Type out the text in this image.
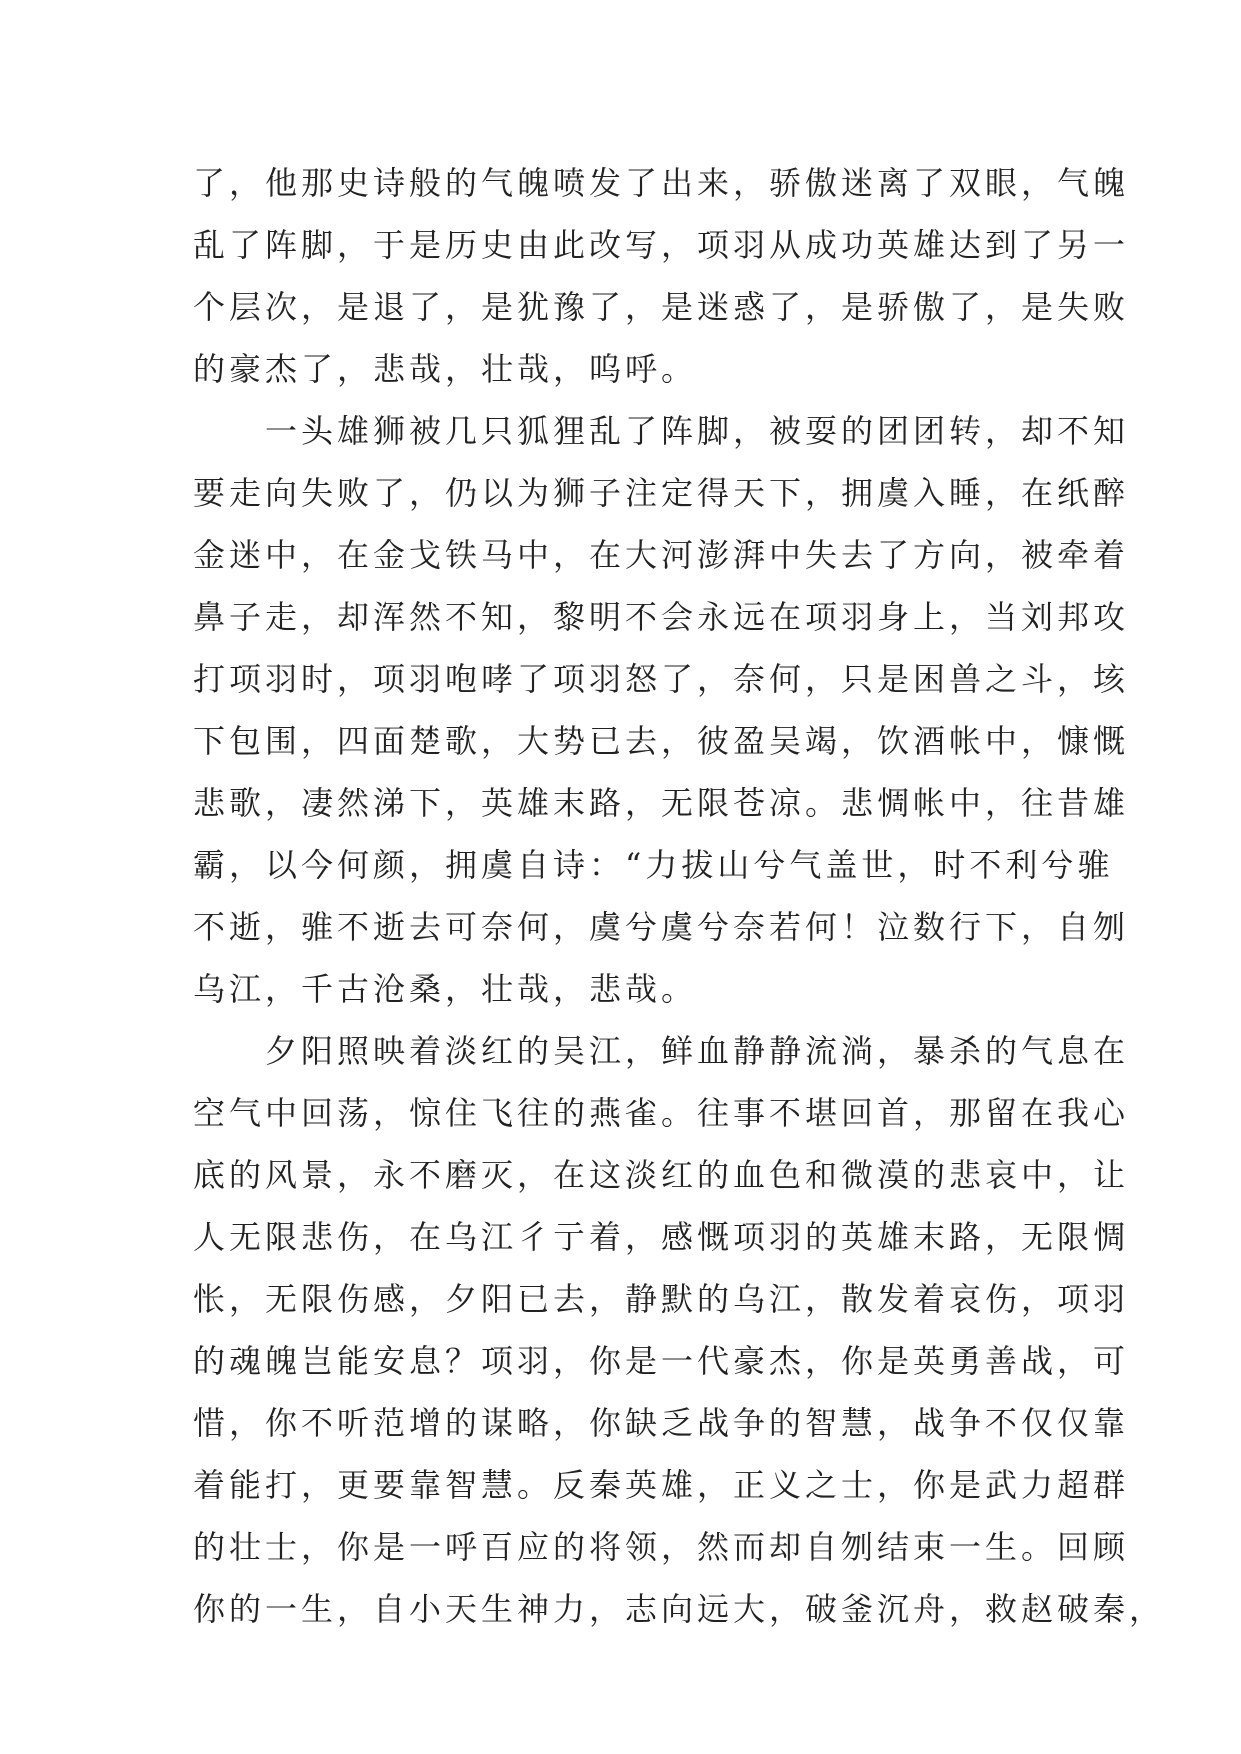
了，他那史诗般的气魄喷发了出来，骄傲迷离了双眼，气魄
乱了阵脚，于是历史由此改写，项羽从成功英雄达到了另一
个层次，是退了，是犹豫了，是迷惑了，是骄傲了，是失败
的豪杰了，悲哉，壮哉，呜呼。

　　一头雄狮被几只狐狸乱了阵脚，被耍的团团转，却不知
要走向失败了，仍以为狮子注定得天下，拥虞入睡，在纸醉
金迷中，在金戈铁马中，在大河澎湃中失去了方向，被牵着
鼻子走，却浑然不知，黎明不会永远在项羽身上，当刘邦攻
打项羽时，项羽咆哮了项羽怒了，奈何，只是困兽之斗，垓
下包围，四面楚歌，大势已去，彼盈吴竭，饮酒帐中，慷慨
悲歌，凄然涕下，英雄末路，无限苍凉。悲惆帐中，往昔雄
霸，以今何颜，拥虞自诗：“力拔山兮气盖世，时不利兮骓
不逝，骓不逝去可奈何，虞兮虞兮奈若何！泣数行下，自刎
乌江，千古沧桑，壮哉，悲哉。

　　夕阳照映着淡红的吴江，鲜血静静流淌，暴杀的气息在
空气中回荡，惊住飞往的燕雀。往事不堪回首，那留在我心
底的风景，永不磨灭，在这淡红的血色和微漠的悲哀中，让
人无限悲伤，在乌江彳亍着，感慨项羽的英雄末路，无限惆
怅，无限伤感，夕阳已去，静默的乌江，散发着哀伤，项羽
的魂魄岂能安息？项羽，你是一代豪杰，你是英勇善战，可
惜，你不听范增的谋略，你缺乏战争的智慧，战争不仅仅靠
着能打，更要靠智慧。反秦英雄，正义之士，你是武力超群
的壮士，你是一呼百应的将领，然而却自刎结束一生。回顾
你的一生，自小天生神力，志向远大，破釜沉舟，救赵破秦，
